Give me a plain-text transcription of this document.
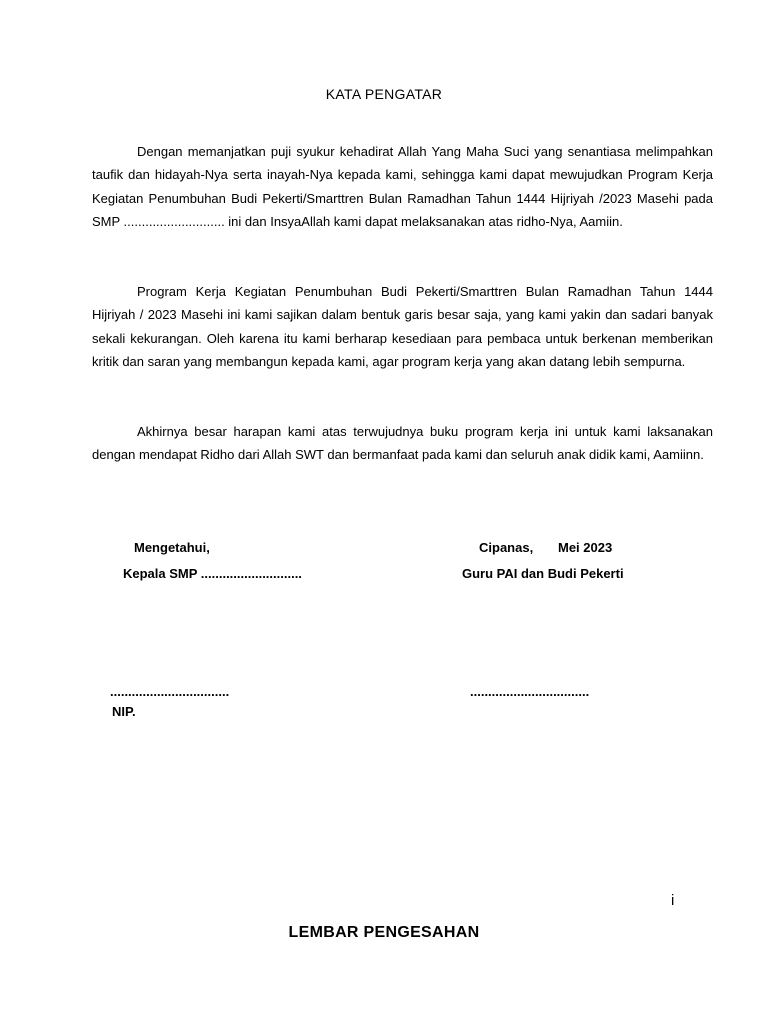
KATA PENGATAR

Dengan memanjatkan puji syukur kehadirat Allah Yang Maha Suci yang senantiasa melimpahkan taufik dan hidayah-Nya serta inayah-Nya kepada kami, sehingga kami dapat mewujudkan Program Kerja Kegiatan Penumbuhan Budi Pekerti/Smarttren Bulan Ramadhan Tahun 1444 Hijriyah /2023 Masehi pada SMP ............................ ini dan InsyaAllah kami dapat melaksanakan atas ridho-Nya, Aamiin.

Program Kerja Kegiatan Penumbuhan Budi Pekerti/Smarttren Bulan Ramadhan Tahun 1444 Hijriyah / 2023 Masehi ini kami sajikan dalam bentuk garis besar saja, yang kami yakin dan sadari banyak sekali kekurangan. Oleh karena itu kami berharap kesediaan para pembaca untuk berkenan memberikan kritik dan saran yang membangun kepada kami, agar program kerja yang akan datang lebih sempurna.

Akhirnya besar harapan kami atas terwujudnya buku program kerja ini untuk kami laksanakan dengan mendapat Ridho dari Allah SWT dan bermanfaat pada kami dan seluruh anak didik kami, Aamiinn.

Mengetahui,
Kepala SMP ............................
.................................
NIP.
Cipanas, Mei 2023
Guru PAI dan Budi Pekerti
.................................
i
LEMBAR PENGESAHAN
